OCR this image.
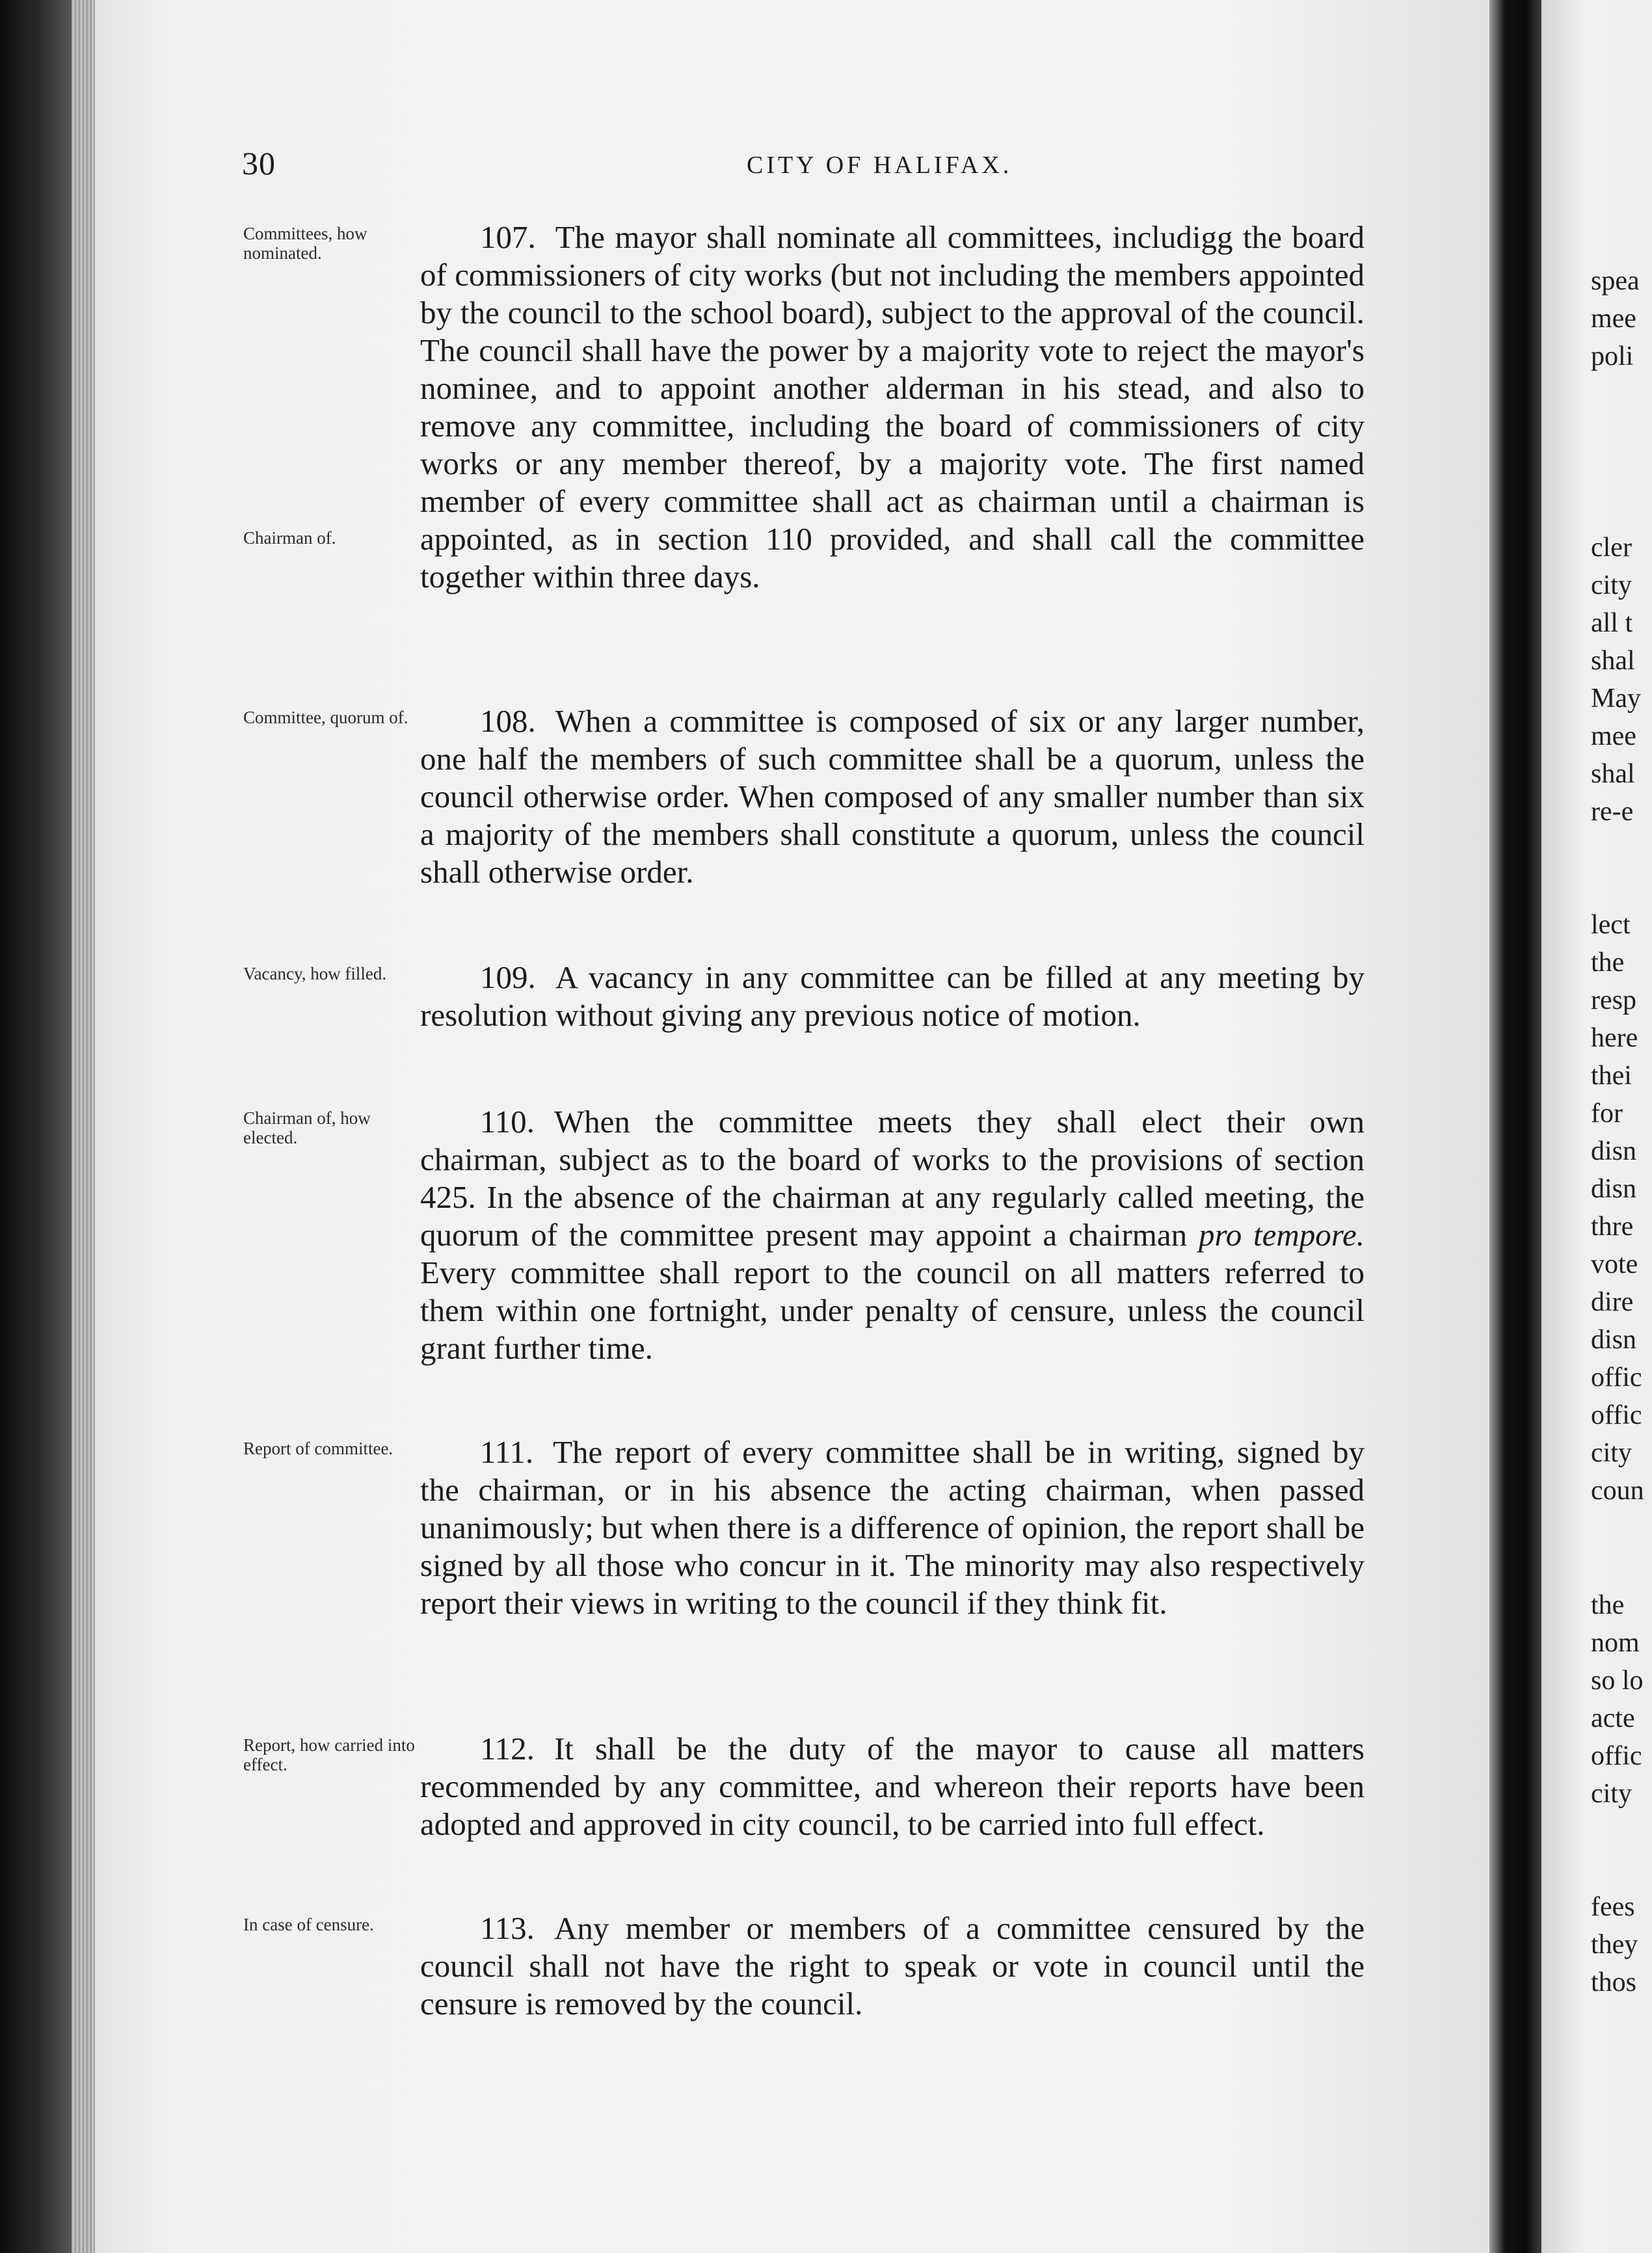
30	CITY OF HALIFAX.
Committees, how nominated.
Chairman of.
Committee, quorum of.
Vacancy, how filled.
Chairman of, how elected.
Report of committee.
Report, how carried into effect.
In case of censure.
107. The mayor shall nominate all committees, includigg the board of commissioners of city works (but not including the members appointed by the council to the school board), subject to the approval of the council. The council shall have the power by a majority vote to reject the mayor's nominee, and to appoint another alderman in his stead, and also to remove any committee, including the board of commissioners of city works or any member thereof, by a majority vote. The first named member of every committee shall act as chairman until a chairman is appointed, as in section 110 provided, and shall call the committee together within three days.
108. When a committee is composed of six or any larger number, one half the members of such committee shall be a quorum, unless the council otherwise order. When composed of any smaller number than six a majority of the members shall constitute a quorum, unless the council shall otherwise order.
109. A vacancy in any committee can be filled at any meeting by resolution without giving any previous notice of motion.
110. When the committee meets they shall elect their own chairman, subject as to the board of works to the provisions of section 425. In the absence of the chairman at any regularly called meeting, the quorum of the committee present may appoint a chairman pro tempore. Every committee shall report to the council on all matters referred to them within one fortnight, under penalty of censure, unless the council grant further time.
111. The report of every committee shall be in writing, signed by the chairman, or in his absence the acting chairman, when passed unanimously; but when there is a difference of opinion, the report shall be signed by all those who concur in it. The minority may also respectively report their views in writing to the council if they think fit.
112. It shall be the duty of the mayor to cause all matters recommended by any committee, and whereon their reports have been adopted and approved in city council, to be carried into full effect.
113. Any member or members of a committee censured by the council shall not have the right to speak or vote in council until the censure is removed by the council.
spea
mee
poli
cler
city
all t
shal
May
mee
shal
re-e
lect
the
resp
here
thei
for
disn
disn
thre
vote
dire
disn
offic
offic
city
coun
the
nom
so lo
acte
offic
city
fees
they
thos
